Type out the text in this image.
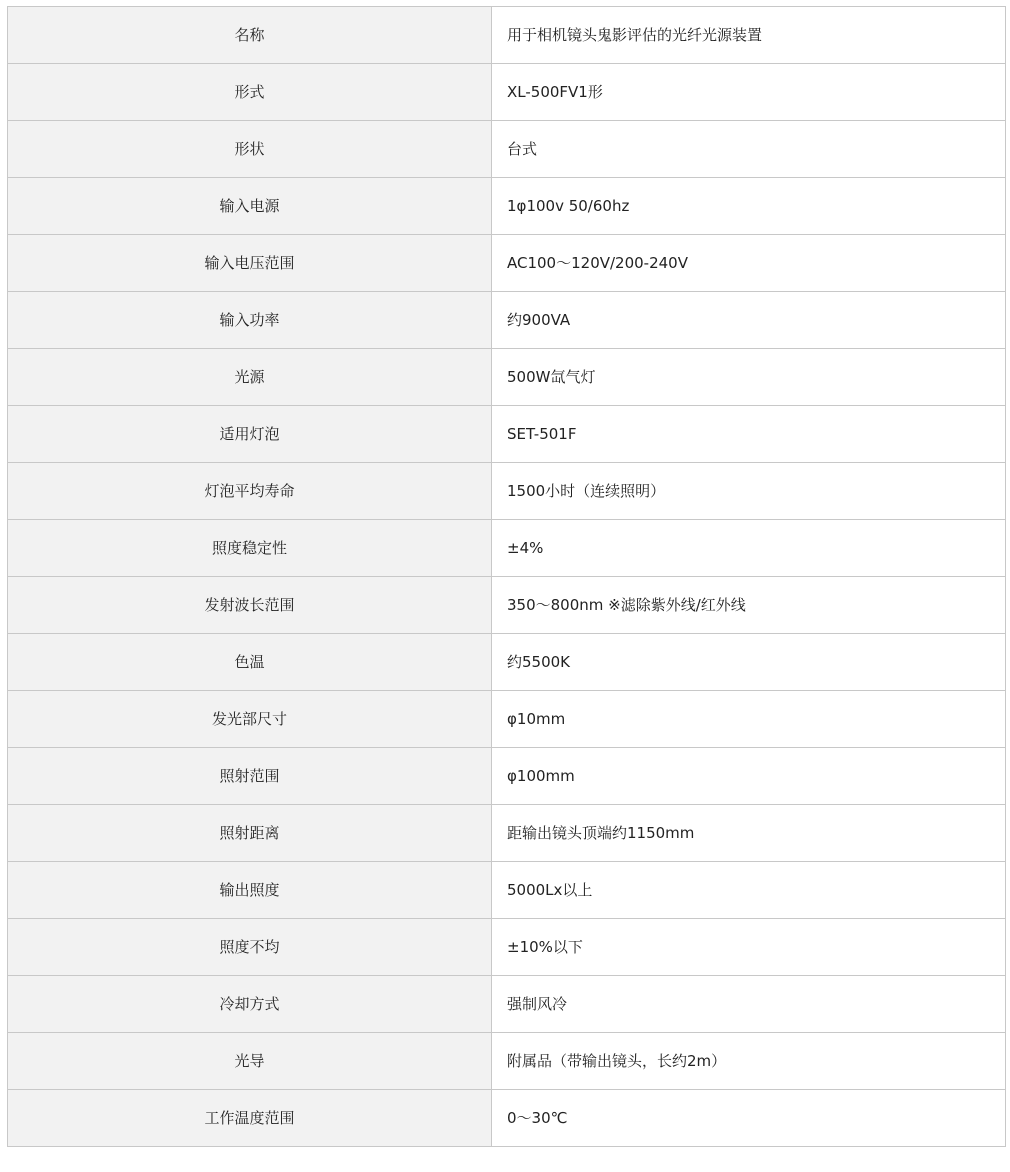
名称	用于相机镜头鬼影评估的光纤光源装置
形式	XL-500FV1形
形状	台式
输入电源	1φ100v 50/60hz
输入电压范围	AC100～120V/200-240V
输入功率	约900VA
光源	500W氙气灯
适用灯泡	SET-501F
灯泡平均寿命	1500小时（连续照明）
照度稳定性	±4%
发射波长范围	350～800nm ※滤除紫外线/红外线
色温	约5500K
发光部尺寸	φ10mm
照射范围	φ100mm
照射距离	距输出镜头顶端约1150mm
输出照度	5000Lx以上
照度不均	±10%以下
冷却方式	强制风冷
光导	附属品（带输出镜头，长约2m）
工作温度范围	0～30℃
